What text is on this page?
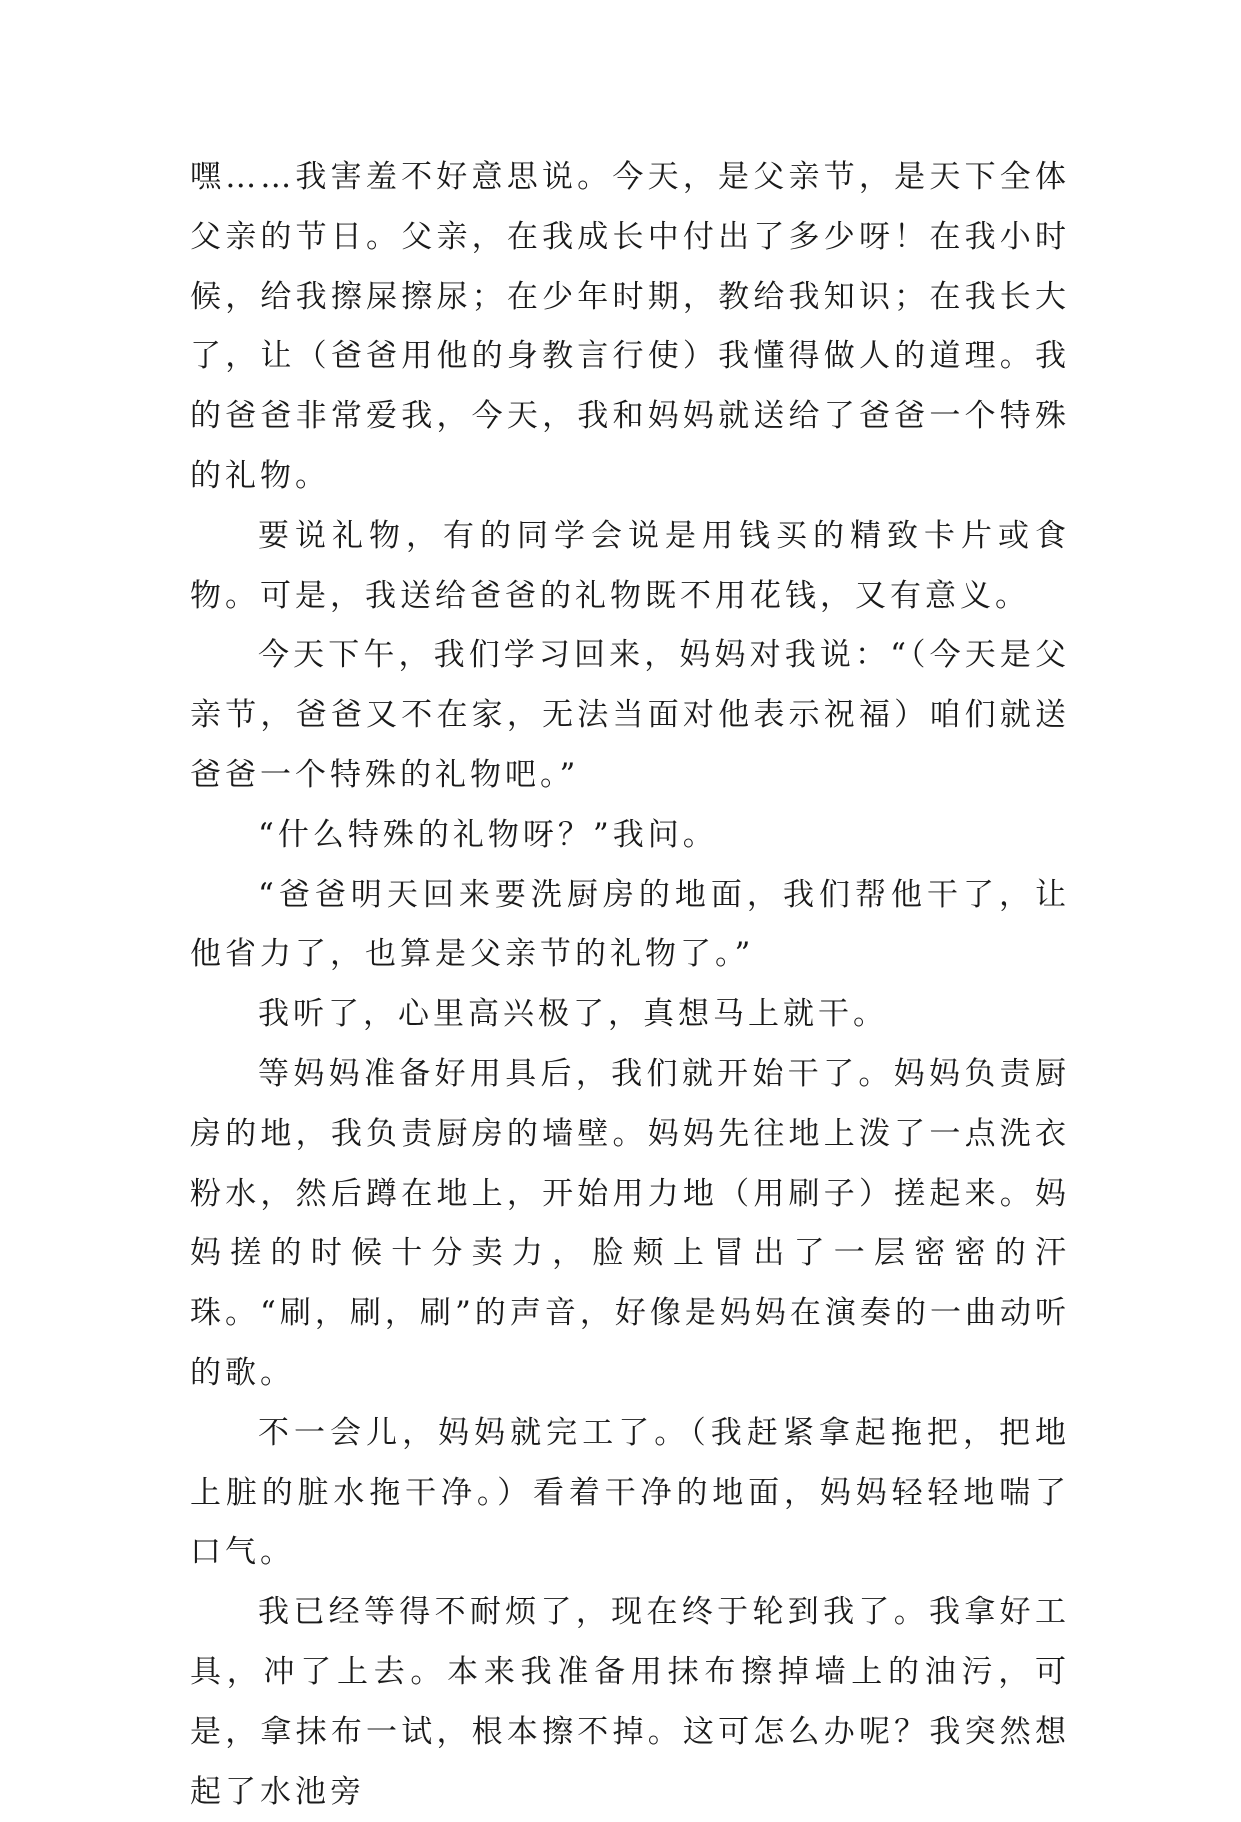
嘿……我害羞不好意思说。今天，是父亲节，是天下全体父亲的节日。父亲，在我成长中付出了多少呀！在我小时候，给我擦屎擦尿；在少年时期，教给我知识；在我长大了，让（爸爸用他的身教言行使）我懂得做人的道理。我的爸爸非常爱我，今天，我和妈妈就送给了爸爸一个特殊的礼物。

要说礼物，有的同学会说是用钱买的精致卡片或食物。可是，我送给爸爸的礼物既不用花钱，又有意义。

今天下午，我们学习回来，妈妈对我说：“（今天是父亲节，爸爸又不在家，无法当面对他表示祝福）咱们就送爸爸一个特殊的礼物吧。”

“什么特殊的礼物呀？”我问。

“爸爸明天回来要洗厨房的地面，我们帮他干了，让他省力了，也算是父亲节的礼物了。”

我听了，心里高兴极了，真想马上就干。

等妈妈准备好用具后，我们就开始干了。妈妈负责厨房的地，我负责厨房的墙壁。妈妈先往地上泼了一点洗衣粉水，然后蹲在地上，开始用力地（用刷子）搓起来。妈妈搓的时候十分卖力，脸颊上冒出了一层密密的汗珠。“刷，刷，刷”的声音，好像是妈妈在演奏的一曲动听的歌。

不一会儿，妈妈就完工了。（我赶紧拿起拖把，把地上脏的脏水拖干净。）看着干净的地面，妈妈轻轻地喘了口气。

我已经等得不耐烦了，现在终于轮到我了。我拿好工具，冲了上去。本来我准备用抹布擦掉墙上的油污，可是，拿抹布一试，根本擦不掉。这可怎么办呢？我突然想起了水池旁
